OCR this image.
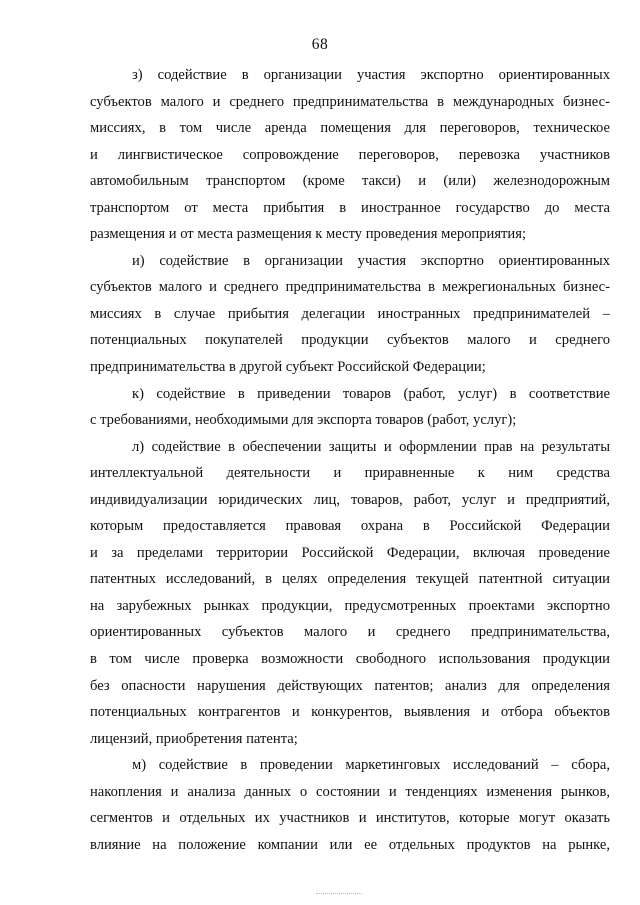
68
з) содействие в организации участия экспортно ориентированных
субъектов малого и среднего предпринимательства в международных бизнес-
миссиях, в том числе аренда помещения для переговоров, техническое
и лингвистическое сопровождение переговоров, перевозка участников
автомобильным транспортом (кроме такси) и (или) железнодорожным
транспортом от места прибытия в иностранное государство до места
размещения и от места размещения к месту проведения мероприятия;
и) содействие в организации участия экспортно ориентированных
субъектов малого и среднего предпринимательства в межрегиональных бизнес-
миссиях в случае прибытия делегации иностранных предпринимателей –
потенциальных покупателей продукции субъектов малого и среднего
предпринимательства в другой субъект Российской Федерации;
к) содействие в приведении товаров (работ, услуг) в соответствие
с требованиями, необходимыми для экспорта товаров (работ, услуг);
л) содействие в обеспечении защиты и оформлении прав на результаты
интеллектуальной деятельности и приравненные к ним средства
индивидуализации юридических лиц, товаров, работ, услуг и предприятий,
которым предоставляется правовая охрана в Российской Федерации
и за пределами территории Российской Федерации, включая проведение
патентных исследований, в целях определения текущей патентной ситуации
на зарубежных рынках продукции, предусмотренных проектами экспортно
ориентированных субъектов малого и среднего предпринимательства,
в том числе проверка возможности свободного использования продукции
без опасности нарушения действующих патентов; анализ для определения
потенциальных контрагентов и конкурентов, выявления и отбора объектов
лицензий, приобретения патента;
м) содействие в проведении маркетинговых исследований – сбора,
накопления и анализа данных о состоянии и тенденциях изменения рынков,
сегментов и отдельных их участников и институтов, которые могут оказать
влияние на положение компании или ее отдельных продуктов на рынке,
